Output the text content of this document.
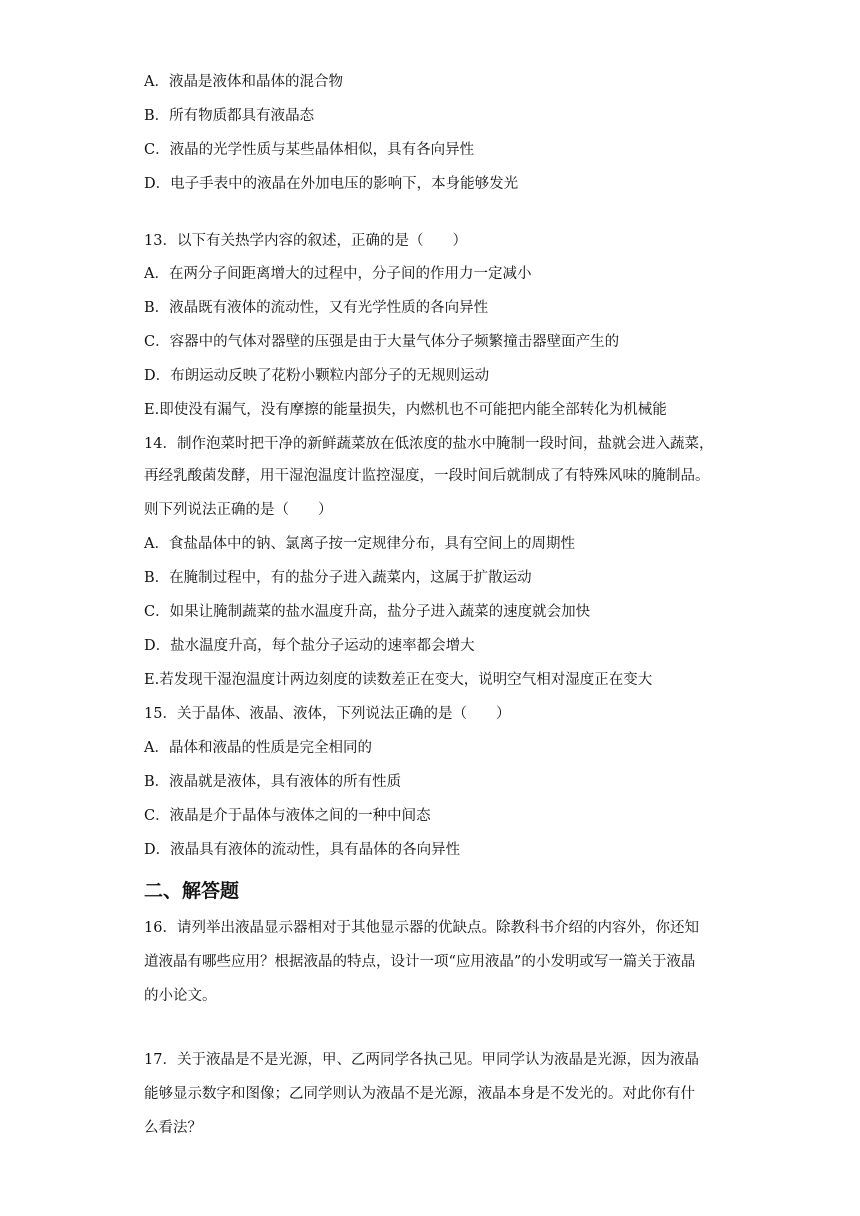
A．液晶是液体和晶体的混合物
B．所有物质都具有液晶态
C．液晶的光学性质与某些晶体相似，具有各向异性
D．电子手表中的液晶在外加电压的影响下，本身能够发光
13．以下有关热学内容的叙述，正确的是（　　）
A．在两分子间距离增大的过程中，分子间的作用力一定减小
B．液晶既有液体的流动性，又有光学性质的各向异性
C．容器中的气体对器壁的压强是由于大量气体分子频繁撞击器壁面产生的
D．布朗运动反映了花粉小颗粒内部分子的无规则运动
E.即使没有漏气，没有摩擦的能量损失，内燃机也不可能把内能全部转化为机械能
14．制作泡菜时把干净的新鲜蔬菜放在低浓度的盐水中腌制一段时间，盐就会进入蔬菜，
再经乳酸菌发酵，用干湿泡温度计监控湿度，一段时间后就制成了有特殊风味的腌制品。
则下列说法正确的是（　　）
A．食盐晶体中的钠、氯离子按一定规律分布，具有空间上的周期性
B．在腌制过程中，有的盐分子进入蔬菜内，这属于扩散运动
C．如果让腌制蔬菜的盐水温度升高，盐分子进入蔬菜的速度就会加快
D．盐水温度升高，每个盐分子运动的速率都会增大
E.若发现干湿泡温度计两边刻度的读数差正在变大，说明空气相对湿度正在变大
15．关于晶体、液晶、液体，下列说法正确的是（　　）
A．晶体和液晶的性质是完全相同的
B．液晶就是液体，具有液体的所有性质
C．液晶是介于晶体与液体之间的一种中间态
D．液晶具有液体的流动性，具有晶体的各向异性
二、解答题
16．请列举出液晶显示器相对于其他显示器的优缺点。除教科书介绍的内容外，你还知
道液晶有哪些应用？根据液晶的特点，设计一项“应用液晶”的小发明或写一篇关于液晶
的小论文。
17．关于液晶是不是光源，甲、乙两同学各执己见。甲同学认为液晶是光源，因为液晶
能够显示数字和图像；乙同学则认为液晶不是光源，液晶本身是不发光的。对此你有什
么看法？
